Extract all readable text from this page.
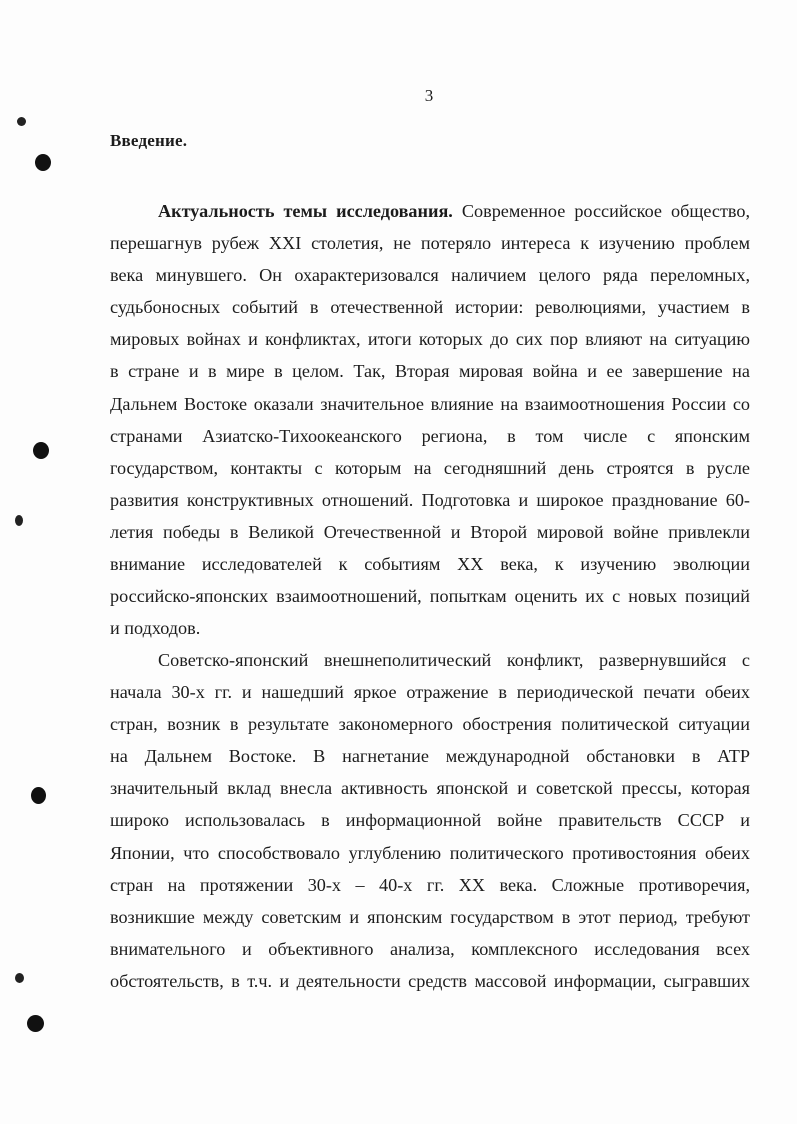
3
Введение.
Актуальность темы исследования. Современное российское общество,
перешагнув рубеж XXI столетия, не потеряло интереса к изучению проблем
века минувшего. Он охарактеризовался наличием целого ряда переломных,
судьбоносных событий в отечественной истории: революциями, участием в
мировых войнах и конфликтах, итоги которых до сих пор влияют на ситуацию
в стране и в мире в целом. Так, Вторая мировая война и ее завершение на
Дальнем Востоке оказали значительное влияние на взаимоотношения России со
странами Азиатско-Тихоокеанского региона, в том числе с японским
государством, контакты с которым на сегодняшний день строятся в русле
развития конструктивных отношений. Подготовка и широкое празднование 60-
летия победы в Великой Отечественной и Второй мировой войне привлекли
внимание исследователей к событиям XX века, к изучению эволюции
российско-японских взаимоотношений, попыткам оценить их с новых позиций
и подходов.
Советско-японский внешнеполитический конфликт, развернувшийся с
начала 30-х гг. и нашедший яркое отражение в периодической печати обеих
стран, возник в результате закономерного обострения политической ситуации
на Дальнем Востоке. В нагнетание международной обстановки в АТР
значительный вклад внесла активность японской и советской прессы, которая
широко использовалась в информационной войне правительств СССР и
Японии, что способствовало углублению политического противостояния обеих
стран на протяжении 30-х – 40-х гг. XX века. Сложные противоречия,
возникшие между советским и японским государством в этот период, требуют
внимательного и объективного анализа, комплексного исследования всех
обстоятельств, в т.ч. и деятельности средств массовой информации, сыгравших
